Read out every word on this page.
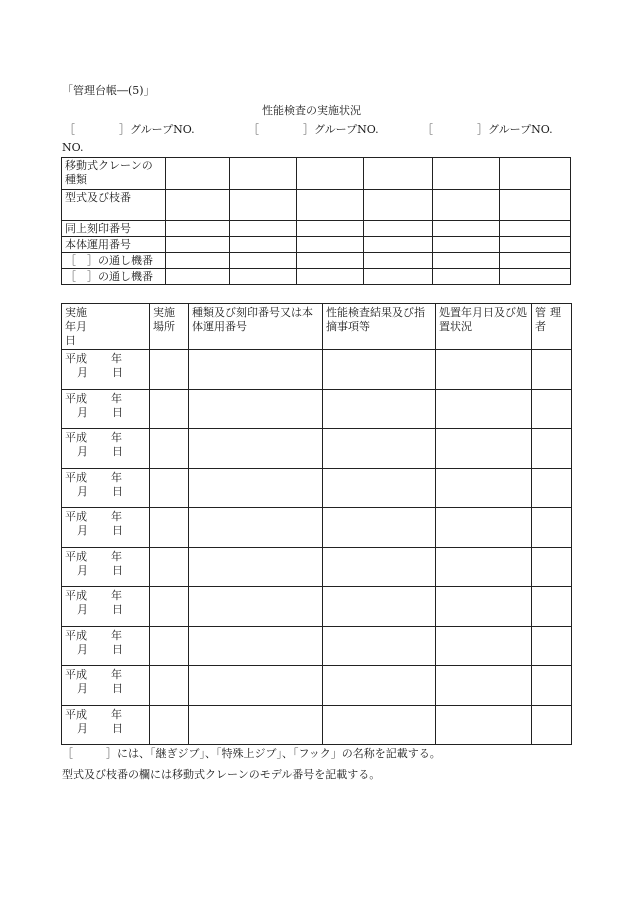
「管理台帳―(5)」
性能検査の実施状況
［	］グループNO.	［	］グループNO.	［	］グループNO.
NO.
移動式クレーンの種類						
型式及び枝番						
同上刻印番号						
本体運用番号						
［　］の通し機番						
［　］の通し機番						
実施年月日	実施場所	種類及び刻印番号又は本体運用番号	性能検査結果及び指摘事項等	処置年月日及び処置状況	管理者

平成 年
月 日					

平成 年
月 日					

平成 年
月 日					

平成 年
月 日					

平成 年
月 日					

平成 年
月 日					

平成 年
月 日					

平成 年
月 日					

平成 年
月 日					

平成 年
月 日					

［　　　］には、「継ぎジブ」、「特殊上ジブ」、「フック」の名称を記載する。
型式及び枝番の欄には移動式クレーンのモデル番号を記載する。
